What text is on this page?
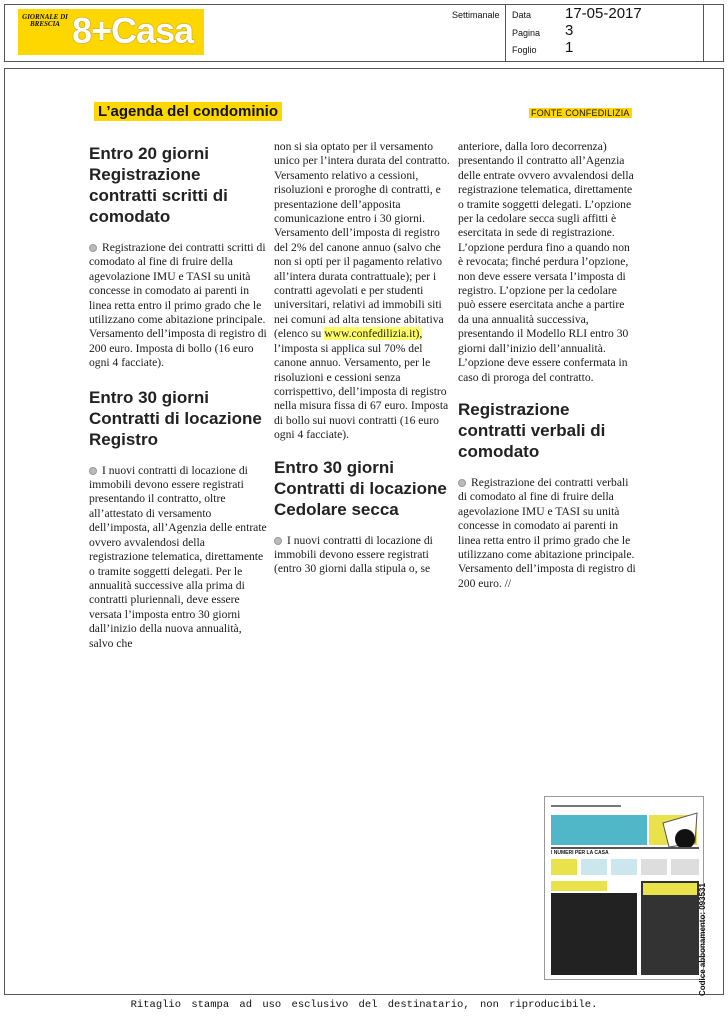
GIORNALE DI BRESCIA 8+Casa	Settimanale Data 17-05-2017
Pagina 3
Foglio 1
L’agenda del condominio	FONTE CONFEDILIZIA
Entro 20 giorni Registrazione contratti scritti di comodato

Registrazione dei contratti scritti di comodato al fine di fruire della agevolazione IMU e TASI su unità concesse in comodato ai parenti in linea retta entro il primo grado che le utilizzano come abitazione principale. Versamento dell’imposta di registro di 200 euro. Imposta di bollo (16 euro ogni 4 facciate).

Entro 30 giorni Contratti di locazione Registro

I nuovi contratti di locazione di immobili devono essere registrati presentando il contratto, oltre all’attestato di versamento dell’imposta, all’Agenzia delle entrate ovvero avvalendosi della registrazione telematica, direttamente o tramite soggetti delegati. Per le annualità successive alla prima di contratti pluriennali, deve essere versata l’imposta entro 30 giorni dall’inizio della nuova annualità, salvo che

non si sia optato per il versamento unico per l’intera durata del contratto. Versamento relativo a cessioni, risoluzioni e proroghe di contratti, e presentazione dell’apposita comunicazione entro i 30 giorni. Versamento dell’imposta di registro del 2% del canone annuo (salvo che non si opti per il pagamento relativo all’intera durata contrattuale); per i contratti agevolati e per studenti universitari, relativi ad immobili siti nei comuni ad alta tensione abitativa (elenco su www.confedilizia.it), l’imposta si applica sul 70% del canone annuo. Versamento, per le risoluzioni e cessioni senza corrispettivo, dell’imposta di registro nella misura fissa di 67 euro. Imposta di bollo sui nuovi contratti (16 euro ogni 4 facciate).

Entro 30 giorni Contratti di locazione Cedolare secca

I nuovi contratti di locazione di immobili devono essere registrati (entro 30 giorni dalla stipula o, se

anteriore, dalla loro decorrenza) presentando il contratto all’Agenzia delle entrate ovvero avvalendosi della registrazione telematica, direttamente o tramite soggetti delegati. L’opzione per la cedolare secca sugli affitti è esercitata in sede di registrazione. L’opzione perdura fino a quando non è revocata; finché perdura l’opzione, non deve essere versata l’imposta di registro. L’opzione per la cedolare può essere esercitata anche a partire da una annualità successiva, presentando il Modello RLI entro 30 giorni dall’inizio dell’annualità. L’opzione deve essere confermata in caso di proroga del contratto.

Registrazione contratti verbali di comodato

Registrazione dei contratti verbali di comodato al fine di fruire della agevolazione IMU e TASI su unità concesse in comodato ai parenti in linea retta entro il primo grado che le utilizzano come abitazione principale. Versamento dell’imposta di registro di 200 euro. //

I NUMERI PER LA CASA
Codice abbonamento: 093531
Ritaglio stampa ad uso esclusivo del destinatario, non riproducibile.
